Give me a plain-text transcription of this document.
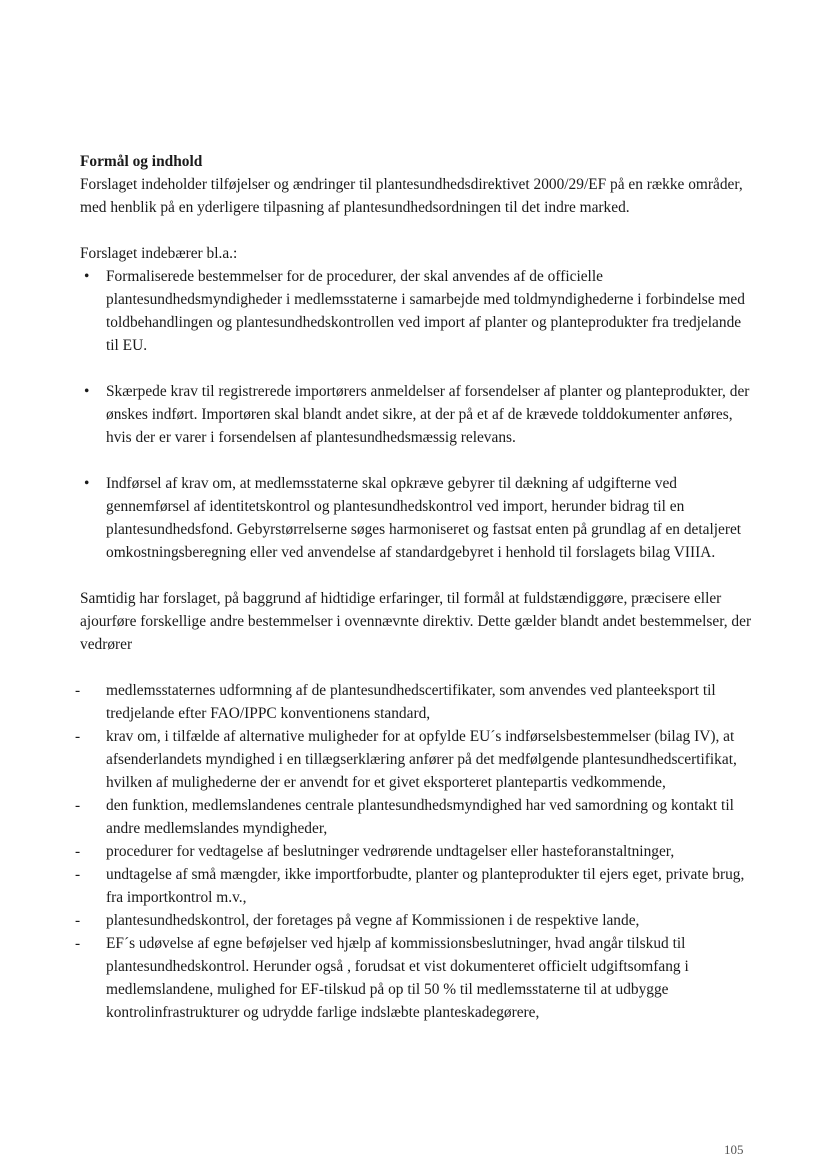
Formål og indhold

Forslaget indeholder tilføjelser og ændringer til plantesundhedsdirektivet 2000/29/EF på en række områder, med henblik på en yderligere tilpasning af plantesundhedsordningen til det indre marked.

Forslaget indebærer bl.a.:

• Formaliserede bestemmelser for de procedurer, der skal anvendes af de officielle plantesundhedsmyndigheder i medlemsstaterne i samarbejde med toldmyndighederne i forbindelse med toldbehandlingen og plantesundhedskontrollen ved import af planter og planteprodukter fra tredjelande til EU.
• Skærpede krav til registrerede importørers anmeldelser af forsendelser af planter og planteprodukter, der ønskes indført. Importøren skal blandt andet sikre, at der på et af de krævede tolddokumenter anføres, hvis der er varer i forsendelsen af plantesundhedsmæssig relevans.
• Indførsel af krav om, at medlemsstaterne skal opkræve gebyrer til dækning af udgifterne ved gennemførsel af identitetskontrol og plantesundhedskontrol ved import, herunder bidrag til en plantesundhedsfond. Gebyrstørrelserne søges harmoniseret og fastsat enten på grundlag af en detaljeret omkostningsberegning eller ved anvendelse af standardgebyret i henhold til forslagets bilag VIIIA.

Samtidig har forslaget, på baggrund af hidtidige erfaringer, til formål at fuldstændiggøre, præcisere eller ajourføre forskellige andre bestemmelser i ovennævnte direktiv. Dette gælder blandt andet bestemmelser, der vedrører

- medlemsstaternes udformning af de plantesundhedscertifikater, som anvendes ved planteeksport til tredjelande efter FAO/IPPC konventionens standard,
- krav om, i tilfælde af alternative muligheder for at opfylde EU´s indførselsbestemmelser (bilag IV), at afsenderlandets myndighed i en tillægserklæring anfører på det medfølgende plantesundhedscertifikat, hvilken af mulighederne der er anvendt for et givet eksporteret plantepartis vedkommende,
- den funktion, medlemslandenes centrale plantesundhedsmyndighed har ved samordning og kontakt til andre medlemslandes myndigheder,
- procedurer for vedtagelse af beslutninger vedrørende undtagelser eller hasteforanstaltninger,
- undtagelse af små mængder, ikke importforbudte, planter og planteprodukter til ejers eget, private brug, fra importkontrol m.v.,
- plantesundhedskontrol, der foretages på vegne af Kommissionen i de respektive lande,
- EF´s udøvelse af egne beføjelser ved hjælp af kommissionsbeslutninger, hvad angår tilskud til plantesundhedskontrol. Herunder også , forudsat et vist dokumenteret officielt udgiftsomfang i medlemslandene, mulighed for EF-tilskud på op til 50 % til medlemsstaterne til at udbygge kontrolinfrastrukturer og udrydde farlige indslæbte planteskadegørere,
105
